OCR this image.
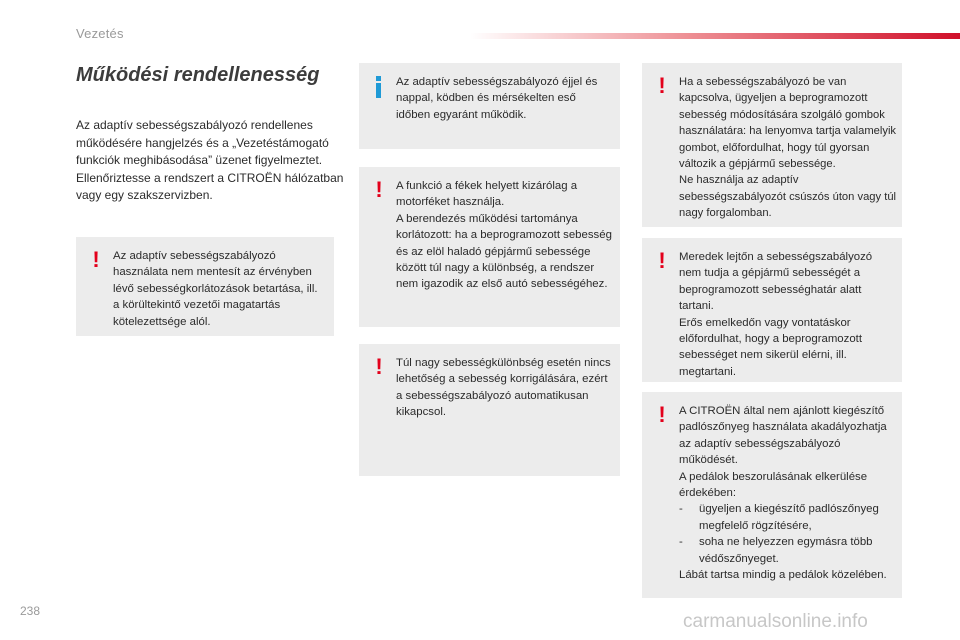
Vezetés
Működési rendellenesség

Az adaptív sebességszabályozó rendellenes működésére hangjelzés és a „Vezetéstámogató funkciók meghibásodása” üzenet figyelmeztet. Ellenőriztesse a rendszert a CITROËN hálózatban vagy egy szakszervizben.

!	Az adaptív sebességszabályozó használata nem mentesít az érvényben lévő sebességkorlátozások betartása, ill. a körültekintő vezetői magatartás kötelezettsége alól.

Az adaptív sebességszabályozó éjjel és nappal, ködben és mérsékelten eső időben egyaránt működik.

!	A funkció a fékek helyett kizárólag a motorféket használja.

A berendezés működési tartománya korlátozott: ha a beprogramozott sebesség és az elöl haladó gépjármű sebessége között túl nagy a különbség, a rendszer nem igazodik az első autó sebességéhez.

!	Túl nagy sebességkülönbség esetén nincs lehetőség a sebesség korrigálására, ezért a sebességszabályozó automatikusan kikapcsol.

!	Ha a sebességszabályozó be van kapcsolva, ügyeljen a beprogramozott sebesség módosítására szolgáló gombok használatára: ha lenyomva tartja valamelyik gombot, előfordulhat, hogy túl gyorsan változik a gépjármű sebessége.

Ne használja az adaptív sebességszabályozót csúszós úton vagy túl nagy forgalomban.

!	Meredek lejtőn a sebességszabályozó nem tudja a gépjármű sebességét a beprogramozott sebességhatár alatt tartani.

Erős emelkedőn vagy vontatáskor előfordulhat, hogy a beprogramozott sebességet nem sikerül elérni, ill. megtartani.

!	A CITROËN által nem ajánlott kiegészítő padlószőnyeg használata akadályozhatja az adaptív sebességszabályozó működését.

A pedálok beszorulásának elkerülése érdekében:

- ügyeljen a kiegészítő padlószőnyeg megfelelő rögzítésére,
- soha ne helyezzen egymásra több védőszőnyeget.

Lábát tartsa mindig a pedálok közelében.

238	carmanualsonline.info
